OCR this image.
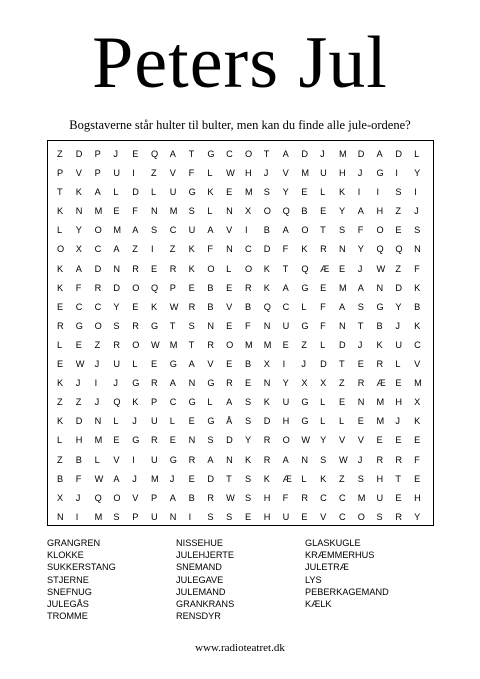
Peters Jul
Bogstaverne står hulter til bulter, men kan du finde alle jule-ordene?
Z	D	P	J	E	Q	A	T	G	C	O	T	A	D	J	M	D	A	D	L
P	V	P	U	I	Z	V	F	L	W	H	J	V	M	U	H	J	G	I	Y
T	K	A	L	D	L	U	G	K	E	M	S	Y	E	L	K	I	I	S	I
K	N	M	E	F	N	M	S	L	N	X	O	Q	B	E	Y	A	H	Z	J
L	Y	O	M	A	S	C	U	A	V	I	B	A	O	T	S	F	O	E	S
O	X	C	A	Z	I	Z	K	F	N	C	D	F	K	R	N	Y	Q	Q	N
K	A	D	N	R	E	R	K	O	L	O	K	T	Q	Æ	E	J	W	Z	F
K	F	R	D	O	Q	P	E	B	E	R	K	A	G	E	M	A	N	D	K
E	C	C	Y	E	K	W	R	B	V	B	Q	C	L	F	A	S	G	Y	B
R	G	O	S	R	G	T	S	N	E	F	N	U	G	F	N	T	B	J	K
L	E	Z	R	O	W	M	T	R	O	M	M	E	Z	L	D	J	K	U	C
E	W	J	U	L	E	G	A	V	E	B	X	I	J	D	T	E	R	L	V
K	J	I	J	G	R	A	N	G	R	E	N	Y	X	X	Z	R	Æ	E	M
Z	Z	J	Q	K	P	C	G	L	A	S	K	U	G	L	E	N	M	H	X
K	D	N	L	J	U	L	E	G	Å	S	D	H	G	L	L	E	M	J	K
L	H	M	E	G	R	E	N	S	D	Y	R	O	W	Y	V	V	E	E	E
Z	B	L	V	I	U	G	R	A	N	K	R	A	N	S	W	J	R	R	F
B	F	W	A	J	M	J	E	D	T	S	K	Æ	L	K	Z	S	H	T	E
X	J	Q	O	V	P	A	B	R	W	S	H	F	R	C	C	M	U	E	H
N	I	M	S	P	U	N	I	S	S	E	H	U	E	V	C	O	S	R	Y
GRANGREN
KLOKKE
SUKKERSTANG
STJERNE
SNEFNUG
JULEGÅS
TROMME
NISSEHUE
JULEHJERTE
SNEMAND
JULEGAVE
JULEMAND
GRANKRANS
RENSDYR
GLASKUGLE
KRÆMMERHUS
JULETRÆ
LYS
PEBERKAGEMAND
KÆLK
www.radioteatret.dk
